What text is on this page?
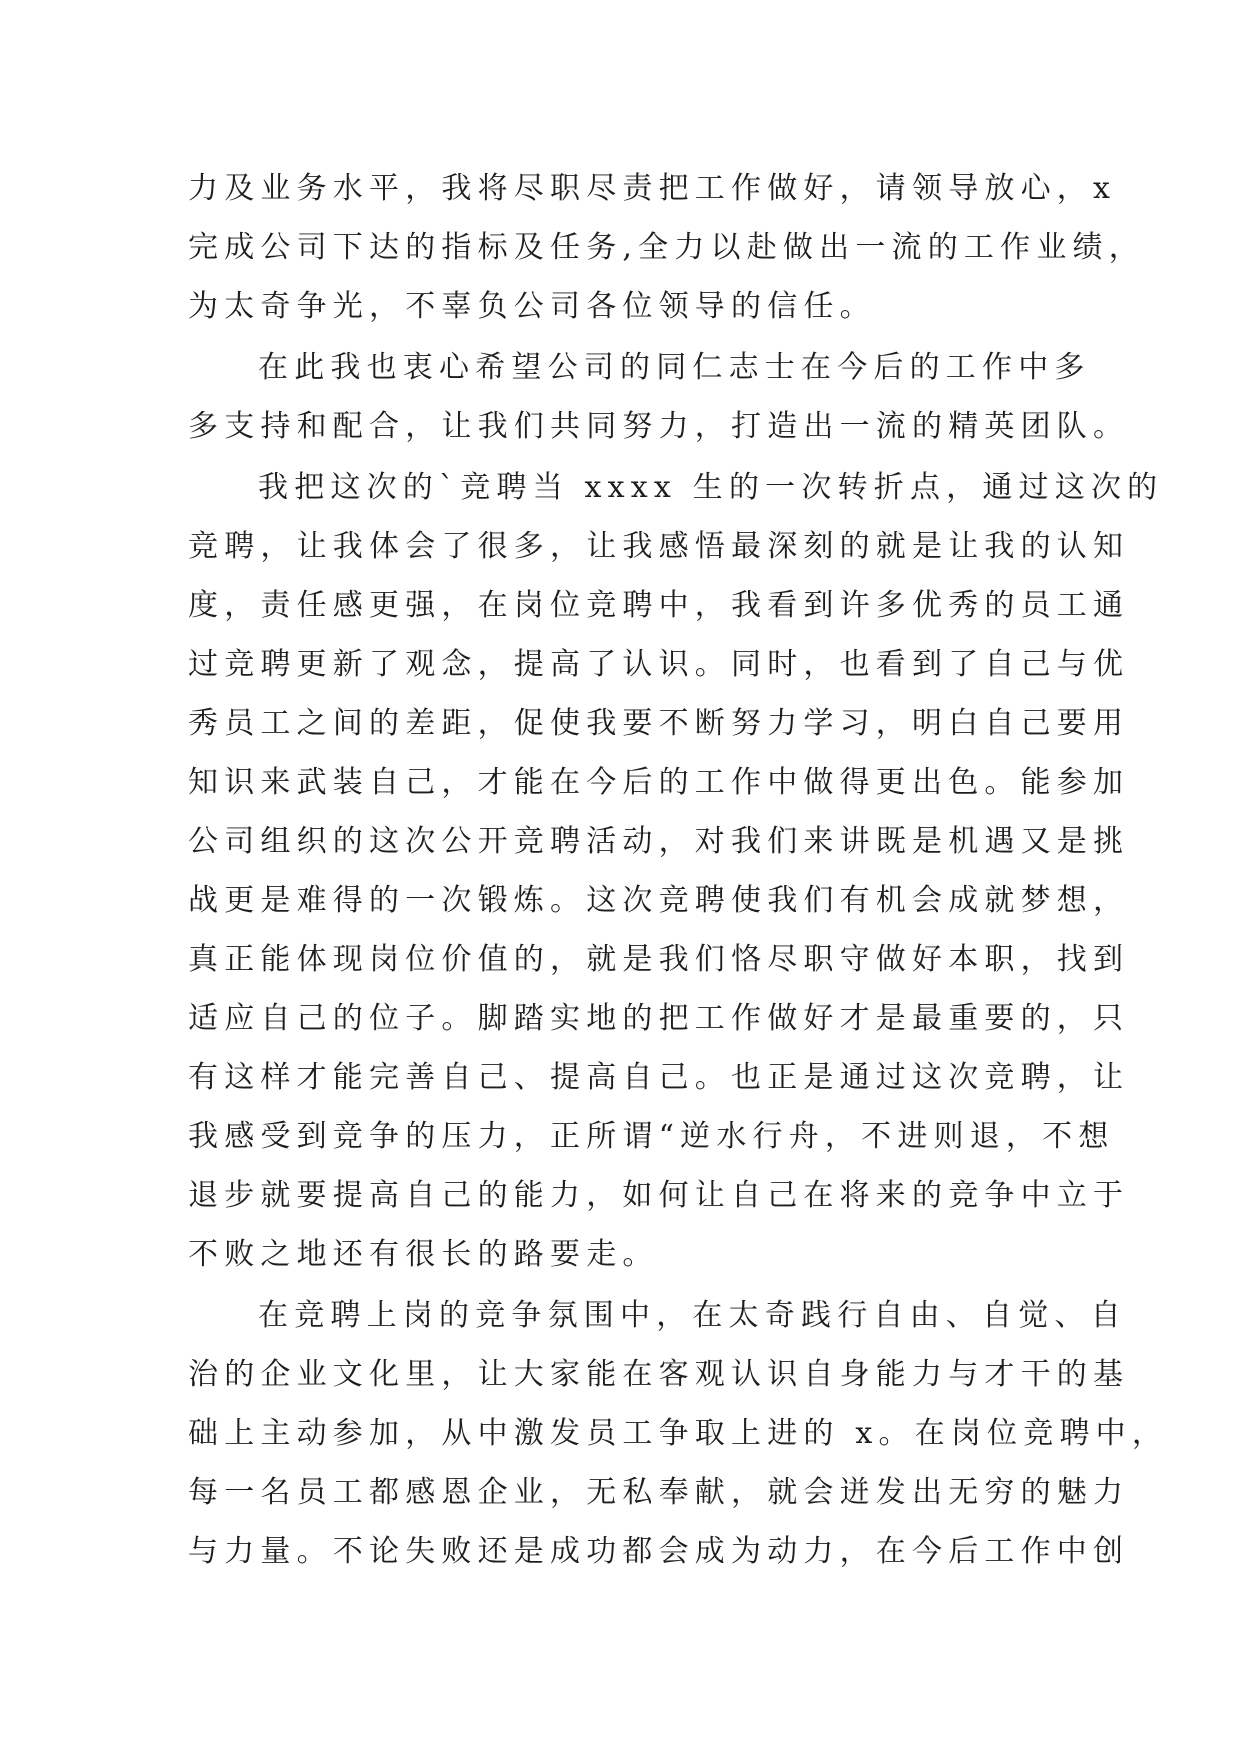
力及业务水平，我将尽职尽责把工作做好，请领导放心，x
完成公司下达的指标及任务,全力以赴做出一流的工作业绩，
为太奇争光，不辜负公司各位领导的信任。
在此我也衷心希望公司的同仁志士在今后的工作中多
多支持和配合，让我们共同努力，打造出一流的精英团队。
我把这次的`竞聘当 xxxx 生的一次转折点，通过这次的
竞聘，让我体会了很多，让我感悟最深刻的就是让我的认知
度，责任感更强，在岗位竞聘中，我看到许多优秀的员工通
过竞聘更新了观念，提高了认识。同时，也看到了自己与优
秀员工之间的差距，促使我要不断努力学习，明白自己要用
知识来武装自己，才能在今后的工作中做得更出色。能参加
公司组织的这次公开竞聘活动，对我们来讲既是机遇又是挑
战更是难得的一次锻炼。这次竞聘使我们有机会成就梦想，
真正能体现岗位价值的，就是我们恪尽职守做好本职，找到
适应自己的位子。脚踏实地的把工作做好才是最重要的，只
有这样才能完善自己、提高自己。也正是通过这次竞聘，让
我感受到竞争的压力，正所谓“逆水行舟，不进则退，不想
退步就要提高自己的能力，如何让自己在将来的竞争中立于
不败之地还有很长的路要走。
在竞聘上岗的竞争氛围中，在太奇践行自由、自觉、自
治的企业文化里，让大家能在客观认识自身能力与才干的基
础上主动参加，从中激发员工争取上进的 x。在岗位竞聘中，
每一名员工都感恩企业，无私奉献，就会迸发出无穷的魅力
与力量。不论失败还是成功都会成为动力，在今后工作中创
